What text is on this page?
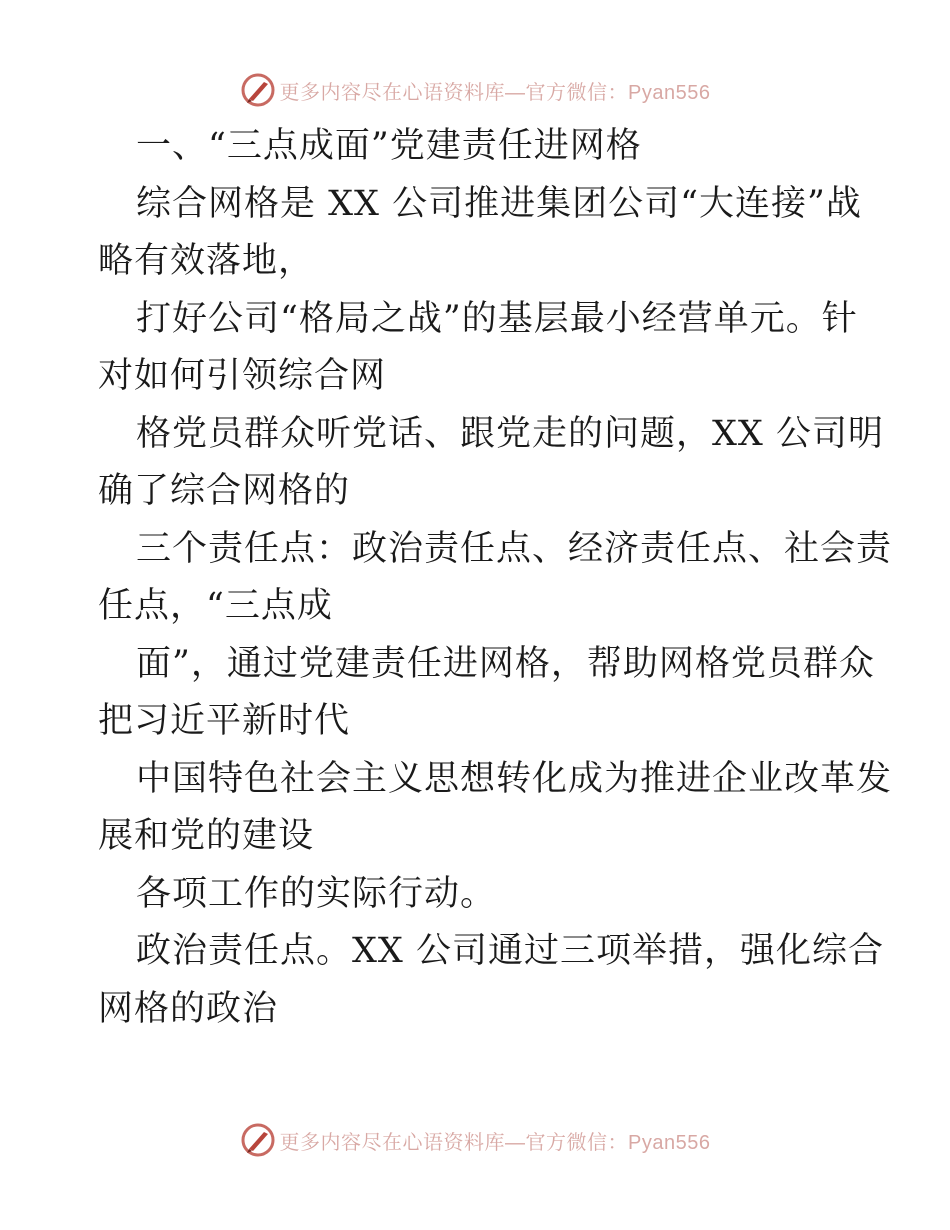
更多内容尽在心语资料库—官方微信：Pyan556
一、“三点成面”党建责任进网格
综合网格是 XX 公司推进集团公司“大连接”战
略有效落地，
打好公司“格局之战”的基层最小经营单元。针
对如何引领综合网
格党员群众听党话、跟党走的问题，XX 公司明
确了综合网格的
三个责任点：政治责任点、经济责任点、社会责
任点，“三点成
面”，通过党建责任进网格，帮助网格党员群众
把习近平新时代
中国特色社会主义思想转化成为推进企业改革发
展和党的建设
各项工作的实际行动。
政治责任点。XX 公司通过三项举措，强化综合
网格的政治
更多内容尽在心语资料库—官方微信：Pyan556
